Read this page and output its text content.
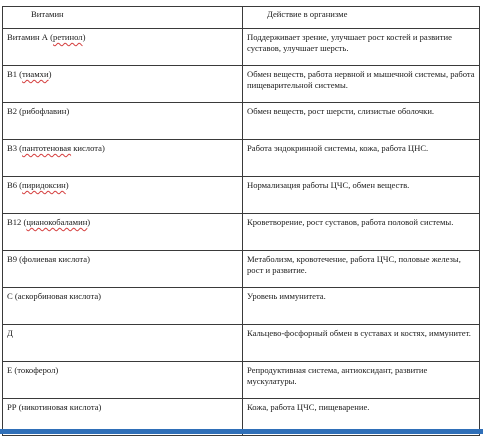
Витамин	Действие в организме
Витамин А (ретинол)	Поддерживает зрение, улучшает рост костей и развитие суставов, улучшает шерсть.
В1 (тиамхи)	Обмен веществ, работа нервной и мышечной системы, работа пищеварительной системы.
В2 (рибофлавин)	Обмен веществ, рост шерсти, слизистые оболочки.
В3 (пантотеновая кислота)	Работа эндокринной системы, кожа, работа ЦНС.
В6 (пиридоксин)	Нормализация работы ЦЧС, обмен веществ.
В12 (цианокобаламин)	Кроветворение, рост суставов, работа половой системы.
В9 (фолиевая кислота)	Метаболизм, кровотечение, работа ЦЧС, половые железы, рост и развитие.
С (аскорбиновая кислота)	Уровень иммунитета.
Д	Кальцево-фосфорный обмен в суставах и костях, иммунитет.
Е (токоферол)	Репродуктивная система, антиоксидант, развитие мускулатуры.
РР (никотиновая кислота)	Кожа, работа ЦЧС, пищеварение.
